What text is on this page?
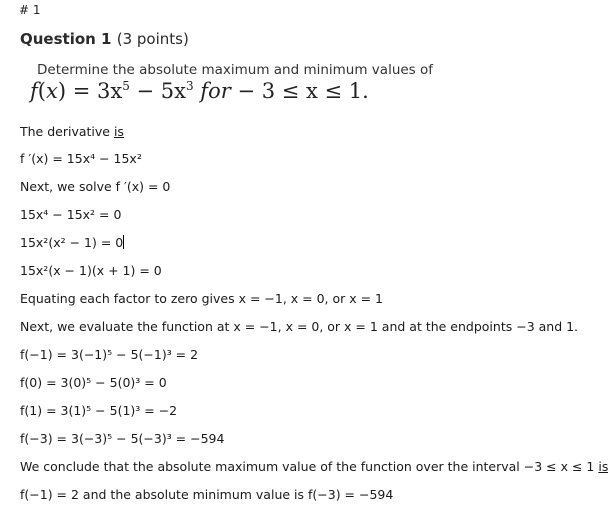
# 1
Question 1 (3 points)
Determine the absolute maximum and minimum values of
$f(x) = 3x^5 - 5x^3$ for − 3 ≤ x ≤ 1.
The derivative is
f ′(x) = 15x⁴ − 15x²
Next, we solve f ′(x) = 0
15x⁴ − 15x² = 0
15x²(x² − 1) = 0
15x²(x − 1)(x + 1) = 0
Equating each factor to zero gives x = −1, x = 0, or x = 1
Next, we evaluate the function at x = −1, x = 0, or x = 1 and at the endpoints −3 and 1.
f(−1) = 3(−1)⁵ − 5(−1)³ = 2
f(0) = 3(0)⁵ − 5(0)³ = 0
f(1) = 3(1)⁵ − 5(1)³ = −2
f(−3) = 3(−3)⁵ − 5(−3)³ = −594
We conclude that the absolute maximum value of the function over the interval −3 ≤ x ≤ 1 is
f(−1) = 2 and the absolute minimum value is f(−3) = −594
